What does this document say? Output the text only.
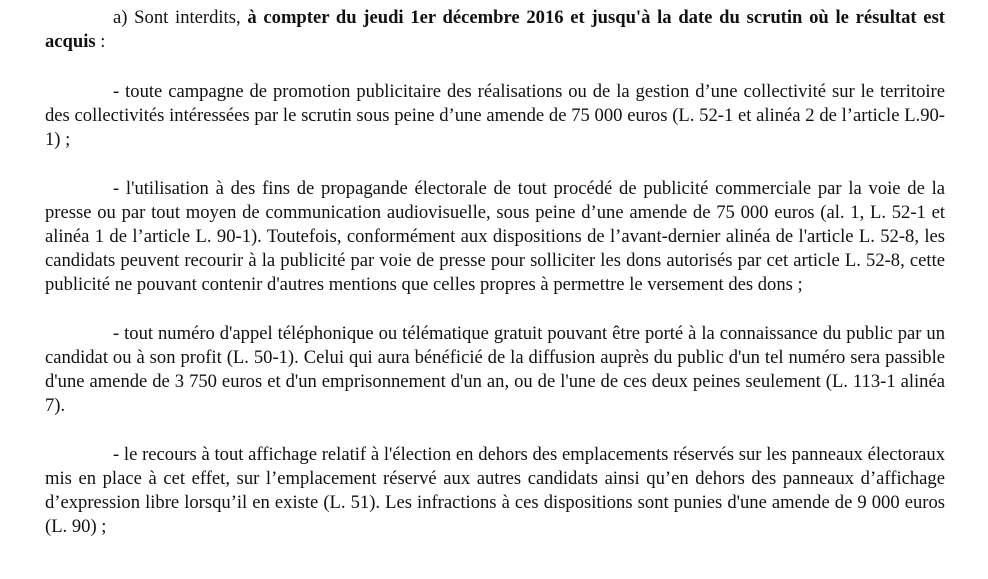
a) Sont interdits, à compter du jeudi 1er décembre 2016 et jusqu'à la date du scrutin où le résultat est acquis :

- toute campagne de promotion publicitaire des réalisations ou de la gestion d’une collectivité sur le territoire des collectivités intéressées par le scrutin sous peine d’une amende de 75 000 euros (L. 52-1 et alinéa 2 de l’article L.90-1) ;

- l'utilisation à des fins de propagande électorale de tout procédé de publicité commerciale par la voie de la presse ou par tout moyen de communication audiovisuelle, sous peine d’une amende de 75 000 euros (al. 1, L. 52-1 et alinéa 1 de l’article L. 90-1). Toutefois, conformément aux dispositions de l’avant-dernier alinéa de l'article L. 52-8, les candidats peuvent recourir à la publicité par voie de presse pour solliciter les dons autorisés par cet article L. 52-8, cette publicité ne pouvant contenir d'autres mentions que celles propres à permettre le versement des dons ;

- tout numéro d'appel téléphonique ou télématique gratuit pouvant être porté à la connaissance du public par un candidat ou à son profit (L. 50-1). Celui qui aura bénéficié de la diffusion auprès du public d'un tel numéro sera passible d'une amende de 3 750 euros et d'un emprisonnement d'un an, ou de l'une de ces deux peines seulement (L. 113-1 alinéa 7).

- le recours à tout affichage relatif à l'élection en dehors des emplacements réservés sur les panneaux électoraux mis en place à cet effet, sur l’emplacement réservé aux autres candidats ainsi qu’en dehors des panneaux d’affichage d’expression libre lorsqu’il en existe (L. 51). Les infractions à ces dispositions sont punies d'une amende de 9 000 euros (L. 90) ;
